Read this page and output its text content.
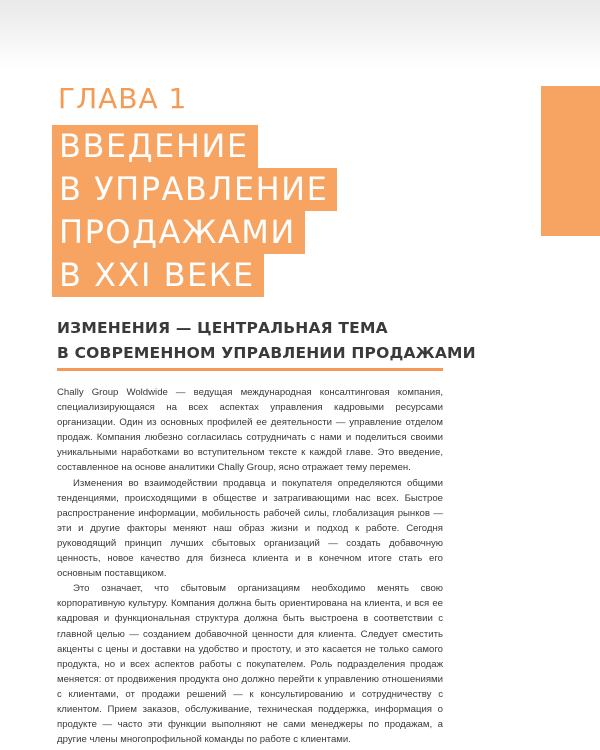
ГЛАВА 1
ВВЕДЕНИЕ
В УПРАВЛЕНИЕ
ПРОДАЖАМИ
В XXI ВЕКЕ
ИЗМЕНЕНИЯ — ЦЕНТРАЛЬНАЯ ТЕМА
В СОВРЕМЕННОМ УПРАВЛЕНИИ ПРОДАЖАМИ

Chally Group Woldwide — ведущая международная консалтинговая компания, специализирующаяся на всех аспектах управления кадровыми ресурсами организации. Один из основных профилей ее деятельности — управление отделом продаж. Компания любезно согласилась сотрудничать с нами и поделиться своими уникальными наработками во вступительном тексте к каждой главе. Это введение, составленное на основе аналитики Chally Group, ясно отражает тему перемен.

Изменения во взаимодействии продавца и покупателя определяются общими тенденциями, происходящими в обществе и затрагивающими нас всех. Быстрое распространение информации, мобильность рабочей силы, глобализация рынков — эти и другие факторы меняют наш образ жизни и подход к работе. Сегодня руководящий принцип лучших сбытовых организаций — создать добавочную ценность, новое качество для бизнеса клиента и в конечном итоге стать его основным поставщиком.

Это означает, что сбытовым организациям необходимо менять свою корпоративную культуру. Компания должна быть ориентирована на клиента, и вся ее кадровая и функциональная структура должна быть выстроена в соответствии с главной целью — созданием добавочной ценности для клиента. Следует сместить акценты с цены и доставки на удобство и простоту, и это касается не только самого продукта, но и всех аспектов работы с покупателем. Роль подразделения продаж меняется: от продвижения продукта оно должно перейти к управлению отношениями с клиентами, от продажи решений — к консультированию и сотрудничеству с клиентом. Прием заказов, обслуживание, техническая поддержка, информация о продукте — часто эти функции выполняют не сами менеджеры по продажам, а другие члены многопрофильной команды по работе с клиентами.
